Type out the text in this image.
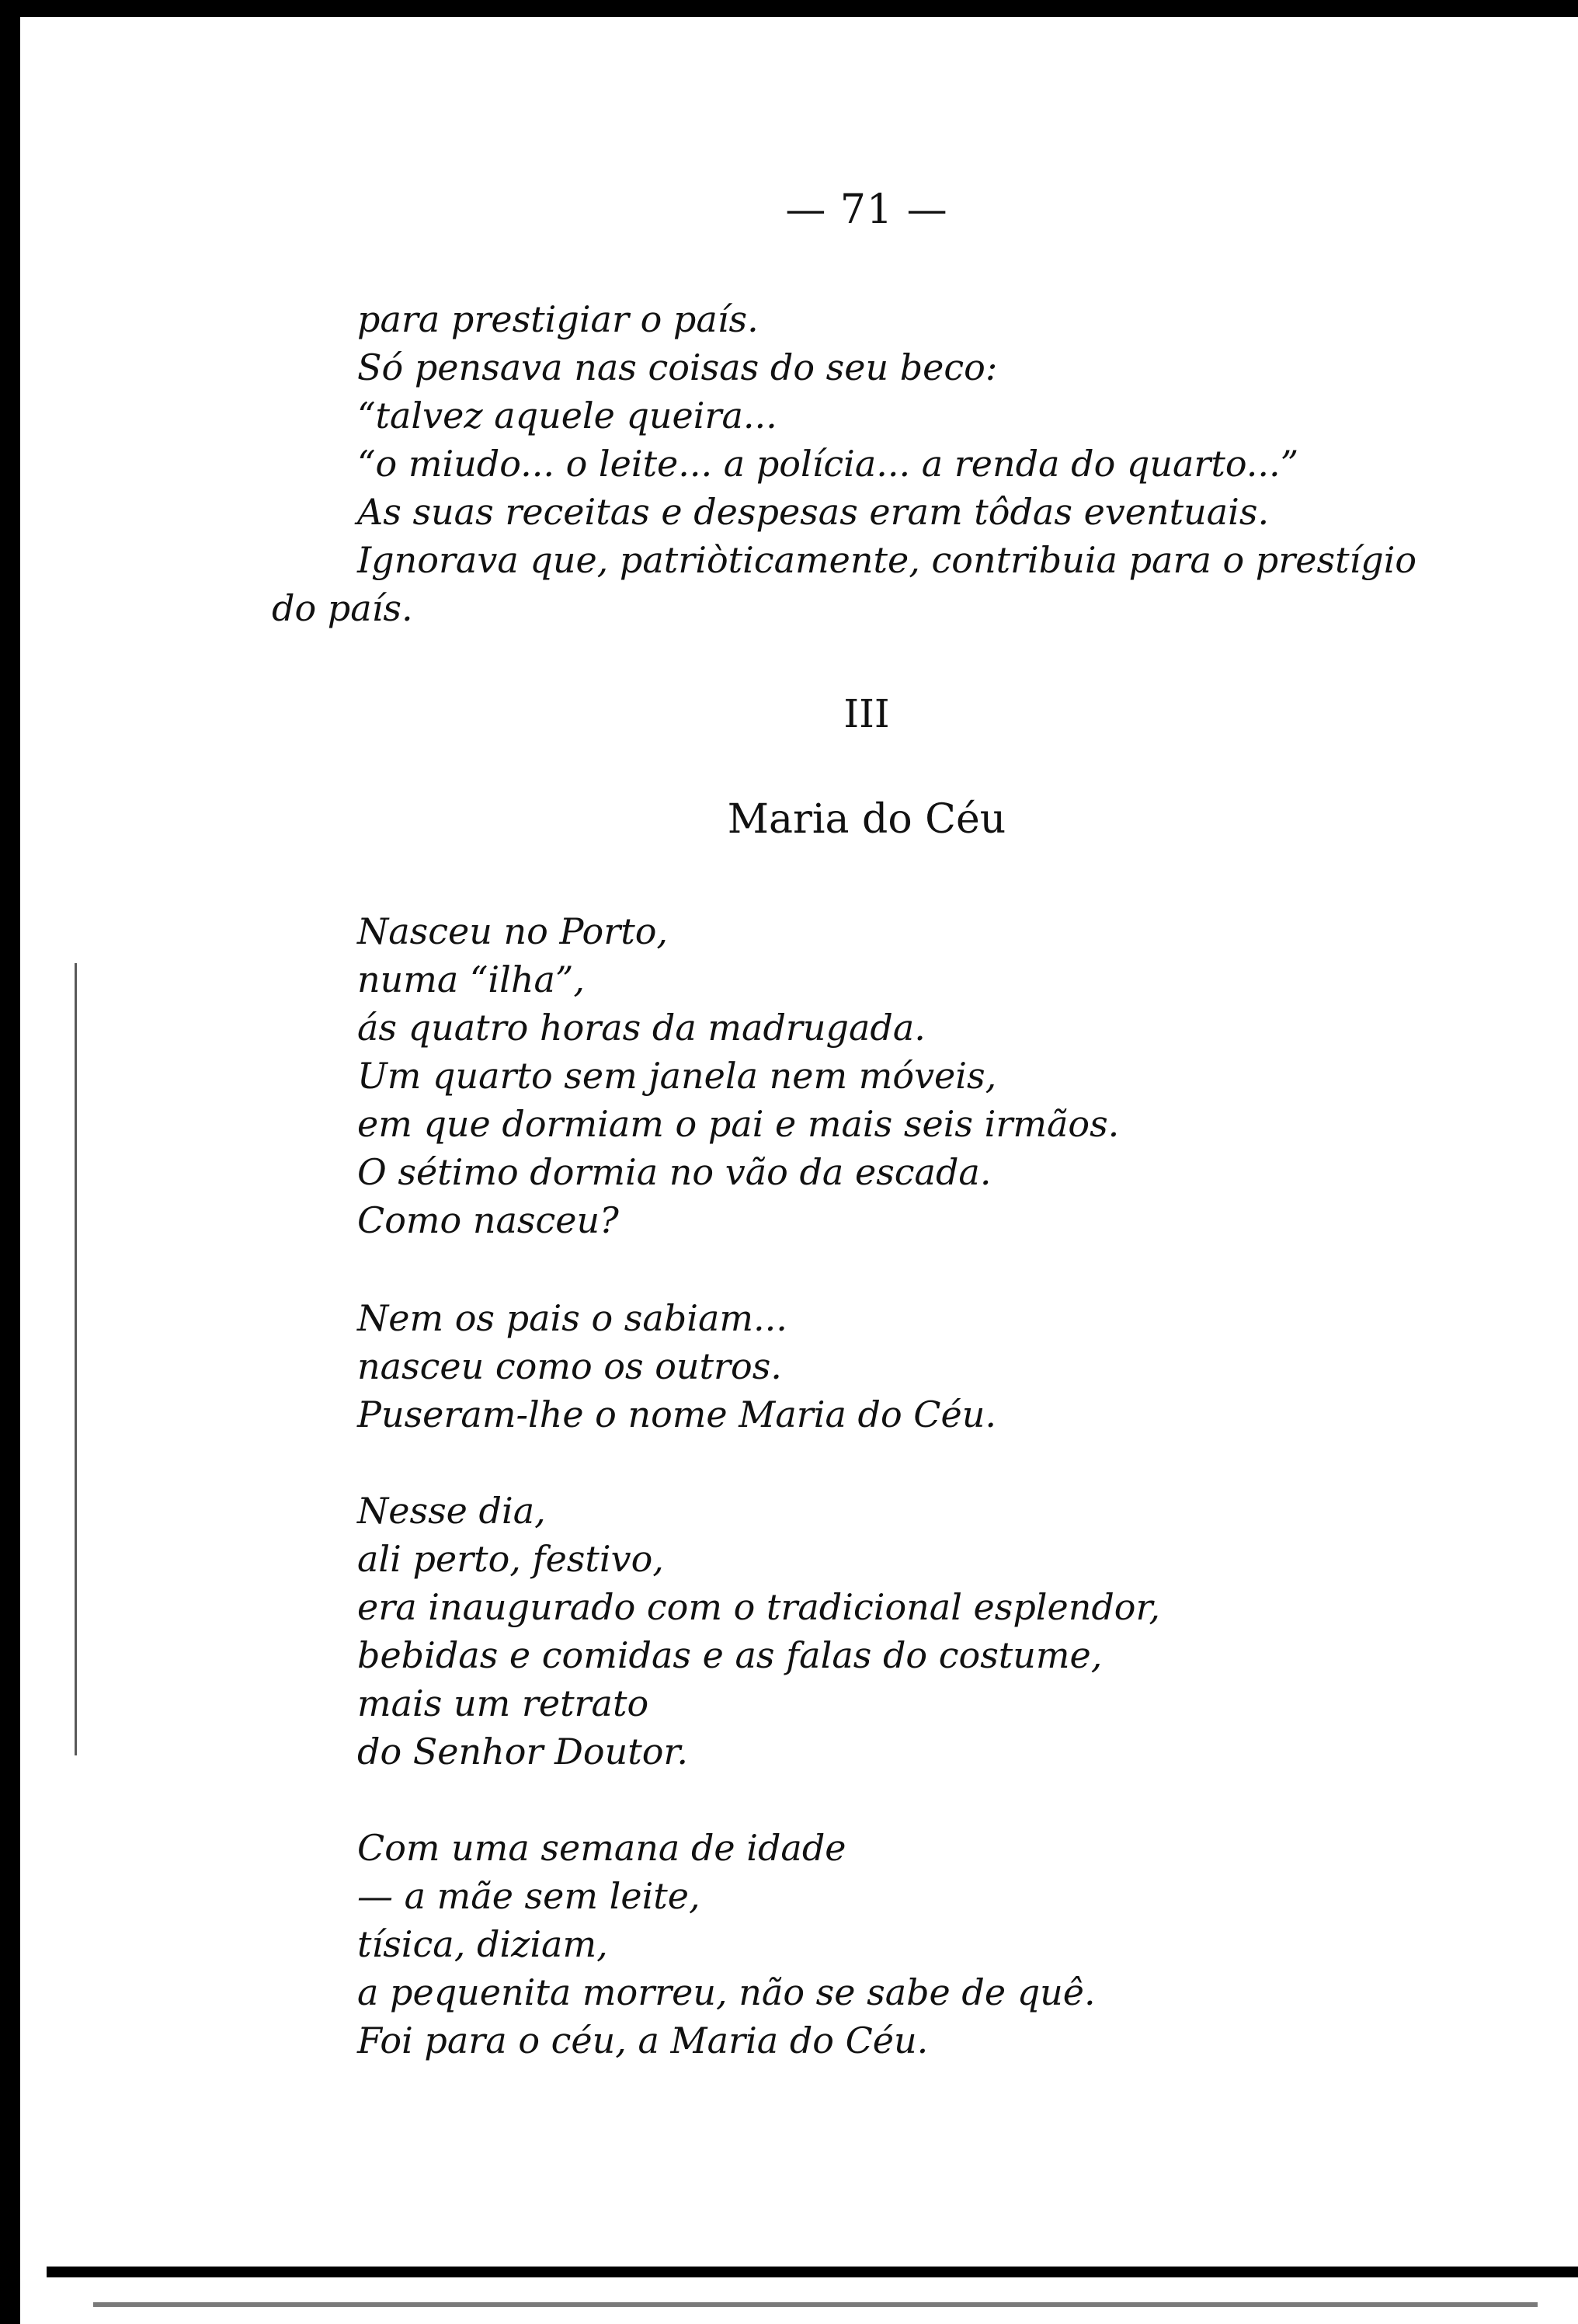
— 71 —
para prestigiar o país.
Só pensava nas coisas do seu beco:
“talvez aquele queira...
“o miudo... o leite... a polícia... a renda do quarto...”
As suas receitas e despesas eram tôdas eventuais.
Ignorava que, patriòticamente, contribuia para o prestígio
do país.
III
Maria do Céu
Nasceu no Porto,
numa “ilha”,
ás quatro horas da madrugada.
Um quarto sem janela nem móveis,
em que dormiam o pai e mais seis irmãos.
O sétimo dormia no vão da escada.
Como nasceu?
Nem os pais o sabiam...
nasceu como os outros.
Puseram-lhe o nome Maria do Céu.
Nesse dia,
ali perto, festivo,
era inaugurado com o tradicional esplendor,
bebidas e comidas e as falas do costume,
mais um retrato
do Senhor Doutor.
Com uma semana de idade
— a mãe sem leite,
tísica, diziam,
a pequenita morreu, não se sabe de quê.
Foi para o céu, a Maria do Céu.
